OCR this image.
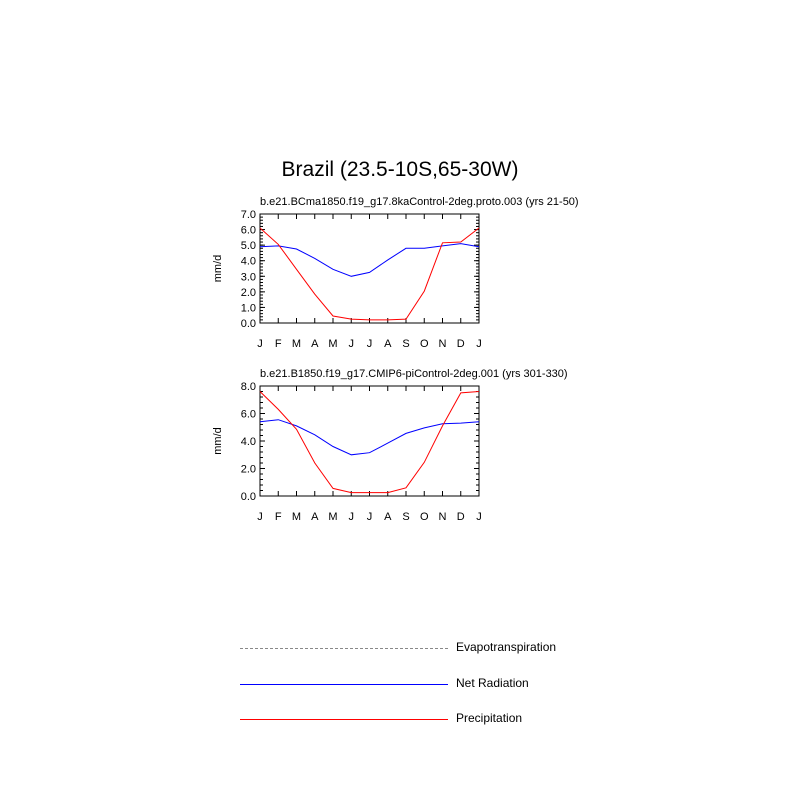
Brazil (23.5-10S,65-30W)
b.e21.BCma1850.f19_g17.8kaControl-2deg.proto.003 (yrs 21-50)
mm/d
0.0
1.0
2.0
3.0
4.0
5.0
6.0
7.0
J F M A M J J A S O N D J
b.e21.B1850.f19_g17.CMIP6-piControl-2deg.001 (yrs 301-330)
mm/d
0.0
2.0
4.0
6.0
8.0
J F M A M J J A S O N D J
Evapotranspiration
Net Radiation
Precipitation
